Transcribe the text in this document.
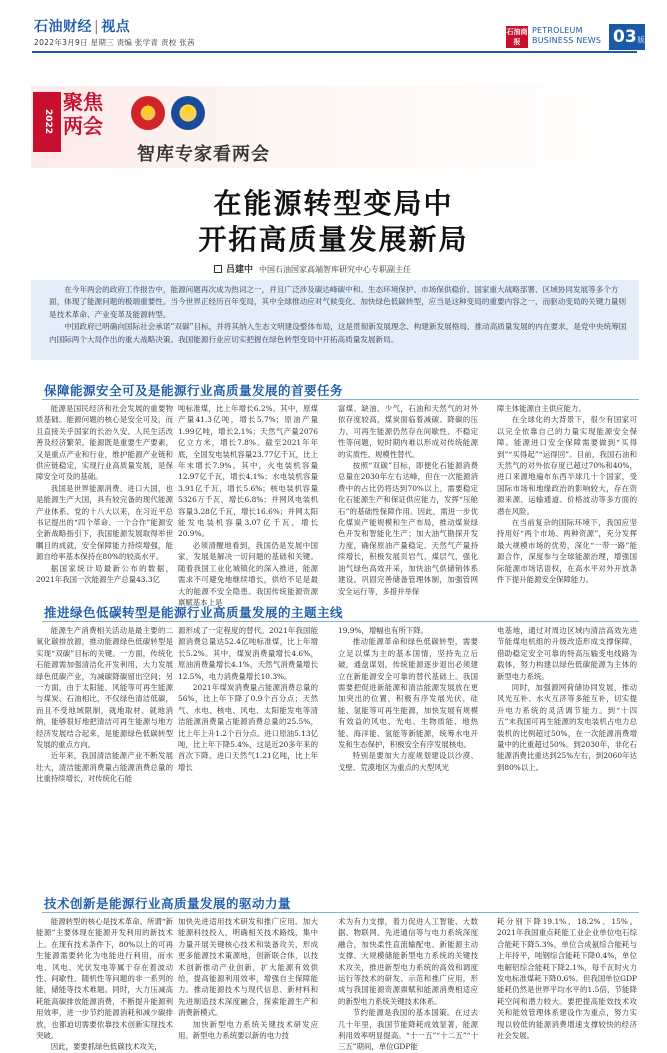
石油财经 | 视点
2022年3月9日 星期三 责编 张学青 责校 张茜
石油商报
PETROLEUM
BUSINESS NEWS 03版
2022
聚焦两会
★	★
智库专家看两会
在能源转型变局中
开拓高质量发展新局
吕建中 中国石油国家高端智库研究中心专职副主任

在今年两会的政府工作报告中，能源问题再次成为热词之一，并且广泛涉及碳达峰碳中和、生态环境保护、市场保供稳价、国家重大战略部署、区域协同发展等多个方面，体现了能源问题的极端重要性。当今世界正经历百年变局，其中全球推动应对气候变化、加快绿色低碳转型，应当是这种变局的重要内容之一，而驱动变局的关键力量则是技术革命、产业变革及能源转型。

中国政府已明确向国际社会承诺“双碳”目标，并将其纳入生态文明建设整体布局，这是贯彻新发展理念、构建新发展格局、推动高质量发展的内在要求，是党中央统筹国内国际两个大局作出的重大战略决策。我国能源行业应切实把握在绿色转型变局中开拓高质量发展新局。

保障能源安全可及是能源行业高质量发展的首要任务

能源是国民经济和社会发展的重要物质基础。能源问题的核心是安全可及，而且直接关乎国家的长治久安、人民生活改善及经济繁荣。能源既是重要生产要素，又是重点产业和行业，维护能源产业链和供应链稳定，实现行业高质量发展，是保障安全可及的基础。

我国是世界能源消费、进口大国，也是能源生产大国，具有较完备的现代能源产业体系。党的十八大以来，在习近平总书记提出的“四个革命、一个合作”能源安全新战略指引下，我国能源发展取得举世瞩目的成就，安全保障能力持续增强，能源自给率基本保持在80%的较高水平。

据国家统计局最新公布的数据，2021年我国一次能源生产总量43.3亿

吨标准煤，比上年增长6.2%。其中，原煤产量41.3亿吨，增长5.7%；原油产量1.99亿吨，增长2.1%；天然气产量2076亿立方米，增长7.8%。截至2021年年底，全国发电装机容量23.77亿千瓦，比上年末增长7.9%。其中，火电装机容量12.97亿千瓦，增长4.1%；水电装机容量3.91亿千瓦，增长5.6%；核电装机容量5326万千瓦，增长6.8%；并网风电装机容量3.28亿千瓦，增长16.6%；并网太阳能发电装机容量3.07亿千瓦，增长20.9%。

必须清醒地看到，我国仍是发展中国家，发展是解决一切问题的基础和关键。随着我国工业化城镇化的深入推进，能源需求不可避免地继续增长，供给不足是最大的能源不安全隐患。我国传统能源资源禀赋基本上是

富煤、缺油、少气，石油和天然气的对外依存度较高，煤炭面临着减碳、降碳的压力，可再生能源仍然存在间歇性、不稳定性等问题，短时期内难以形成对传统能源的实质性、规模性替代。

按照“双碳”目标，即便化石能源消费总量在2030年左右达峰，但在一次能源消费中的占比仍将达到70%以上，需要稳定化石能源生产和保证供应能力，发挥“压舱石”的基础性保障作用。因此，需进一步优化煤炭产能规模和生产布局，推动煤炭绿色开发和智能化生产；加大油气勘探开发力度，确保原油产量稳定、天然气产量持续增长，积极发展页岩气、煤层气，强化油气绿色高效开采，加快油气供储销体系建设。巩固完善储备管理体制，加强管网安全运行等，多措并举保

障主体能源自主供应能力。

在全球化的大背景下，很少有国家可以完全依靠自己的力量实现能源安全保障。能源进口安全保障需要做到“买得到”“买得起”“运得回”。目前，我国石油和天然气的对外依存度已超过70%和40%，进口来源地遍布东西半球几十个国家，受国际市场和地缘政治的影响较大，存在资源来源、运输通道、价格波动等多方面的潜在风险。

在当前复杂的国际环境下，我国应坚持用好“两个市场、两种资源”，充分发挥最大规模市场的优势，深化“一带一路”能源合作，深度参与全球能源治理，增强国际能源市场话语权，在高水平对外开放条件下提升能源安全保障能力。

推进绿色低碳转型是能源行业高质量发展的主题主线

能源生产消费相关活动是最主要的二氧化碳排放源，推动能源绿色低碳转型是实现“双碳”目标的关键。一方面，传统化石能源需加强清洁化开发利用，大力发展绿色低碳产业，为减碳降碳留出空间；另一方面，由于太阳能、风能等可再生能源与煤炭、石油相比，不仅绿色清洁低碳，而且不受地域限制，就地取材、就地消纳，能够很好地把清洁可再生能源与地方经济发展结合起来，是能源绿色低碳转型发展的重点方向。

近年来，我国清洁能源产业不断发展壮大，清洁能源消费量占能源消费总量的比重持续增长，对传统化石能

源形成了一定程度的替代。2021年我国能源消费总量达52.4亿吨标准煤，比上年增长5.2%。其中，煤炭消费量增长4.6%，原油消费量增长4.1%，天然气消费量增长12.5%，电力消费量增长10.3%。

2021年煤炭消费量占能源消费总量的56%，比上年下降了0.9个百分点；天然气、水电、核电、风电、太阳能发电等清洁能源消费量占能源消费总量的25.5%，比上年上升1.2个百分点。进口原油5.13亿吨，比上年下降5.4%，这是近20多年来的首次下降。进口天然气1.21亿吨，比上年增长

19.9%，增幅也有所下降。

推动能源革命和绿色低碳转型，需要立足以煤为主的基本国情，坚持先立后破，通盘谋划，传统能源逐步退出必须建立在新能源安全可靠的替代基础上。我国需要把促进新能源和清洁能源发展放在更加突出的位置，积极有序发展光伏、硅能、氢能等可再生能源，加快发展有规模有效益的风电、光电、生物质能、地热能、海洋能、氢能等新能源，统筹水电开发和生态保护，积极安全有序发展核电。

特别是要加大力度规划建设以沙漠、戈壁、荒漠地区为重点的大型风光

电基地，通过对周边区域内清洁高效先进节能煤电机组的升级改造形成支撑保障，借助稳定安全可靠的特高压输变电线路为载体，努力构建以绿色低碳能源为主体的新型电力系统。

同时，加强源网荷储协同发展，推动风光互补、水火互济等多能互补，切实提升电力系统的灵活调节能力。到“十四五”末我国可再生能源的发电装机占电力总装机的比例超过50%，在一次能源消费增量中的比重超过50%。到2030年，非化石能源消费比重达到25%左右，到2060年达到80%以上。

技术创新是能源行业高质量发展的驱动力量

能源转型的核心是技术革命。所谓“新能源”主要体现在能源开发利用的新技术上。在现有技术条件下，80%以上的可再生能源需要转化为电能进行利用，而水电、风电、光伏发电等属于存在着波动性、间歇性、随机性等问题的非一系列的能，储能等技术难题。同时，大力压减高耗能高碳排放能源消费，不断提升能源利用效率，进一步节约能源消耗和减少碳排放，也都迫切需要依靠技术创新实现技术突破。

因此，要要抓绿色低碳技术攻关，

加快先进适用技术研发和推广应用。加大能源科技投入，明确相关技术路线，集中力量开展关键核心技术和装备攻关，形成更多能源技术策源地，创新联合体，以技术创新推动产业创新，扩大能源有效供给，提高能源利用效率，增强自主保障能力。推动能源技术与现代信息、新材料和先进制造技术深度融合，探索能源生产和消费新模式。

加快新型电力系统关键技术研发应用。新型电力系统要以新的电力技

术为有力支撑，着力促进人工智能、大数据、物联网、先进通信等与电力系统深度融合，加快柔性直流输配电、新能源主动支撑、大规模储能新型电力系统的关键技术攻关，推进新型电力系统的高效和调度运行等技术的研发、示范和推广应用，形成与我国能源资源禀赋和能源消费相适应的新型电力系统关键技术体系。

节约能源是我国的基本国策。在过去几十年里，我国节能降耗成效显著，能源利用效率明显提高。“十一五”“十二五”“十三五”期间，单位GDP能

耗分别下降19.1%、18.2%、15%。2021年我国重点耗能工业企业单位电石综合能耗下降5.3%，单位合成氨综合能耗与上年持平，吨钢综合能耗下降0.4%，单位电解铝综合能耗下降2.1%，每千瓦时火力发电标准煤耗下降0.6%。但我国单位GDP能耗仍然是世界平均水平的1.5倍，节能降耗空间和潜力较大。要把提高能效技术攻关和能效管理体系建设作为重点，努力实现以较低的能源消费增速支撑较快的经济社会发展。
